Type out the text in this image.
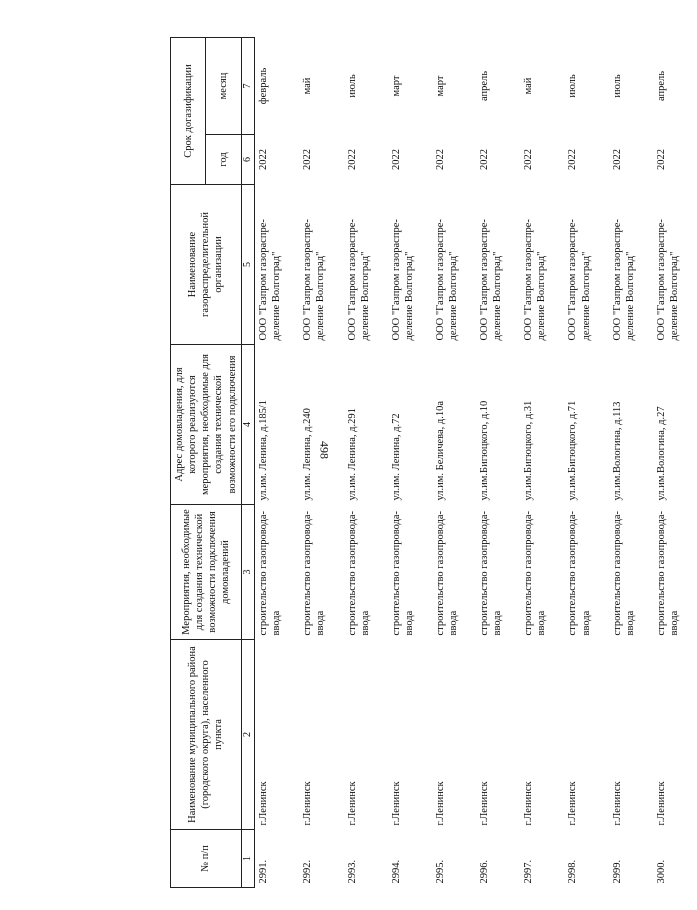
498
№ п/п	Наименование муниципального района (городского округа), населенного пункта	Мероприятия, необходимые для создания технической возможности подключения домовладений	Адрес домовладения, для которого реализуются мероприятия, необходимые для создания технической возможности его подключения	Наименование газораспределительной организации	Срок догазификации	
					год	месяц
1	2	3	4	5	6	7
2991.	г.Ленинск	строительство газопровода-ввода	ул.им. Ленина, д.185/1	ООО "Газпром газораспре-деление Волгоград"	2022	февраль
2992.	г.Ленинск	строительство газопровода-ввода	ул.им. Ленина, д.240	ООО "Газпром газораспре-деление Волгоград"	2022	май
2993.	г.Ленинск	строительство газопровода-ввода	ул.им. Ленина, д.291	ООО "Газпром газораспре-деление Волгоград"	2022	июль
2994.	г.Ленинск	строительство газопровода-ввода	ул.им. Ленина, д.72	ООО "Газпром газораспре-деление Волгоград"	2022	март
2995.	г.Ленинск	строительство газопровода-ввода	ул.им. Беличева, д.10а	ООО "Газпром газораспре-деление Волгоград"	2022	март
2996.	г.Ленинск	строительство газопровода-ввода	ул.им.Бигюцкого, д.10	ООО "Газпром газораспре-деление Волгоград"	2022	апрель
2997.	г.Ленинск	строительство газопровода-ввода	ул.им.Бигюцкого, д.31	ООО "Газпром газораспре-деление Волгоград"	2022	май
2998.	г.Ленинск	строительство газопровода-ввода	ул.им.Бигюцкого, д.71	ООО "Газпром газораспре-деление Волгоград"	2022	июль
2999.	г.Ленинск	строительство газопровода-ввода	ул.им.Вологина, д.113	ООО "Газпром газораспре-деление Волгоград"	2022	июль
3000.	г.Ленинск	строительство газопровода-ввода	ул.им.Вологина, д.27	ООО "Газпром газораспре-деление Волгоград"	2022	апрель
